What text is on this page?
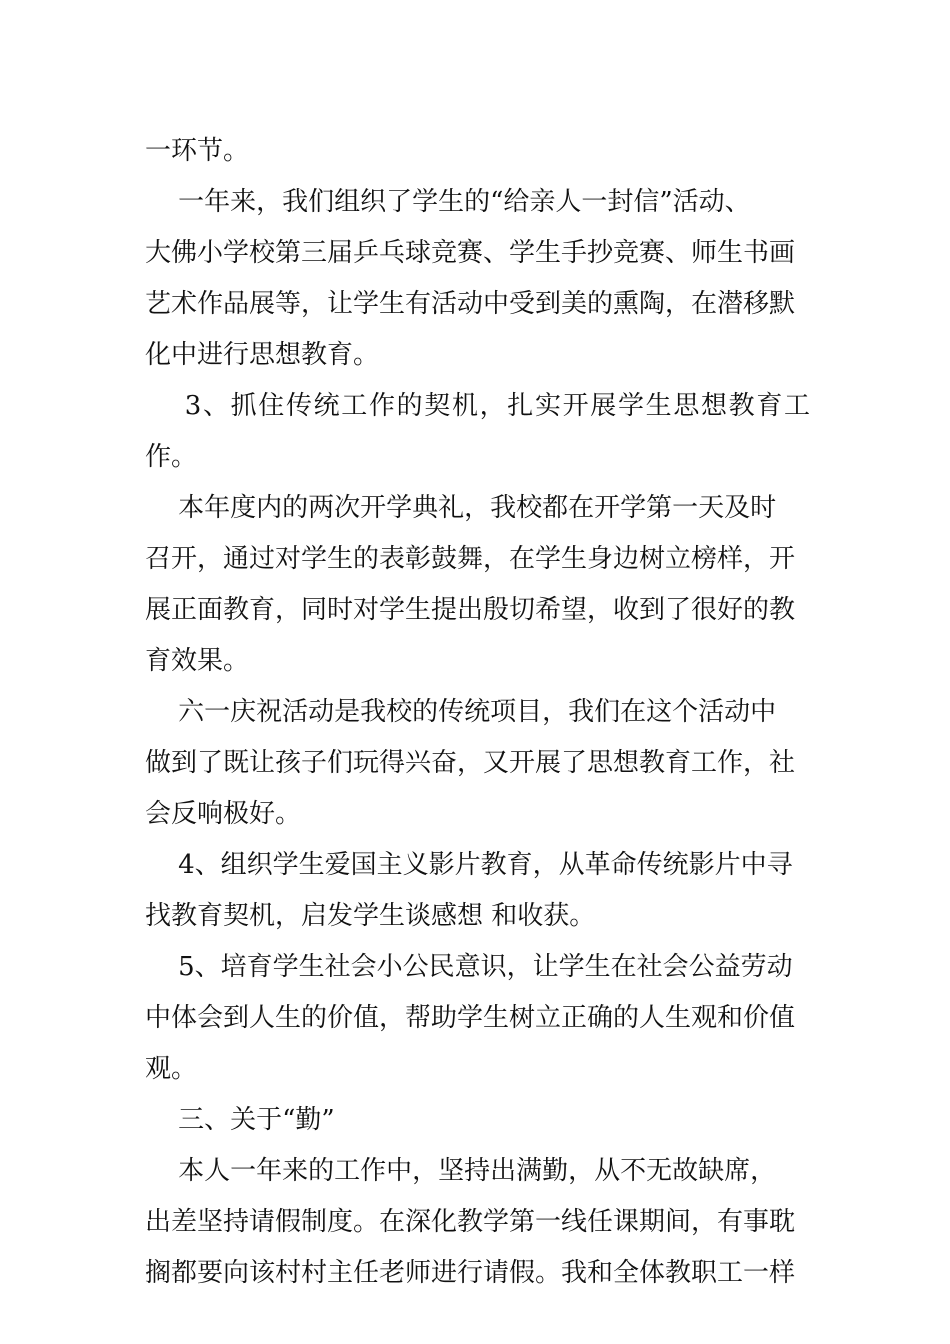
一环节。

一年来，我们组织了学生的“给亲人一封信”活动、

大佛小学校第三届乒乓球竞赛、学生手抄竞赛、师生书画

艺术作品展等，让学生有活动中受到美的熏陶，在潜移默

化中进行思想教育。

3、抓住传统工作的契机，扎实开展学生思想教育工作。

本年度内的两次开学典礼，我校都在开学第一天及时

召开，通过对学生的表彰鼓舞，在学生身边树立榜样，开

展正面教育，同时对学生提出殷切希望，收到了很好的教

育效果。

六一庆祝活动是我校的传统项目，我们在这个活动中

做到了既让孩子们玩得兴奋，又开展了思想教育工作，社

会反响极好。

4、组织学生爱国主义影片教育，从革命传统影片中寻

找教育契机，启发学生谈感想 和收获。

5、培育学生社会小公民意识，让学生在社会公益劳动

中体会到人生的价值，帮助学生树立正确的人生观和价值

观。

三、关于“勤”

本人一年来的工作中，坚持出满勤，从不无故缺席，

出差坚持请假制度。在深化教学第一线任课期间，有事耽

搁都要向该村村主任老师进行请假。我和全体教职工一样
